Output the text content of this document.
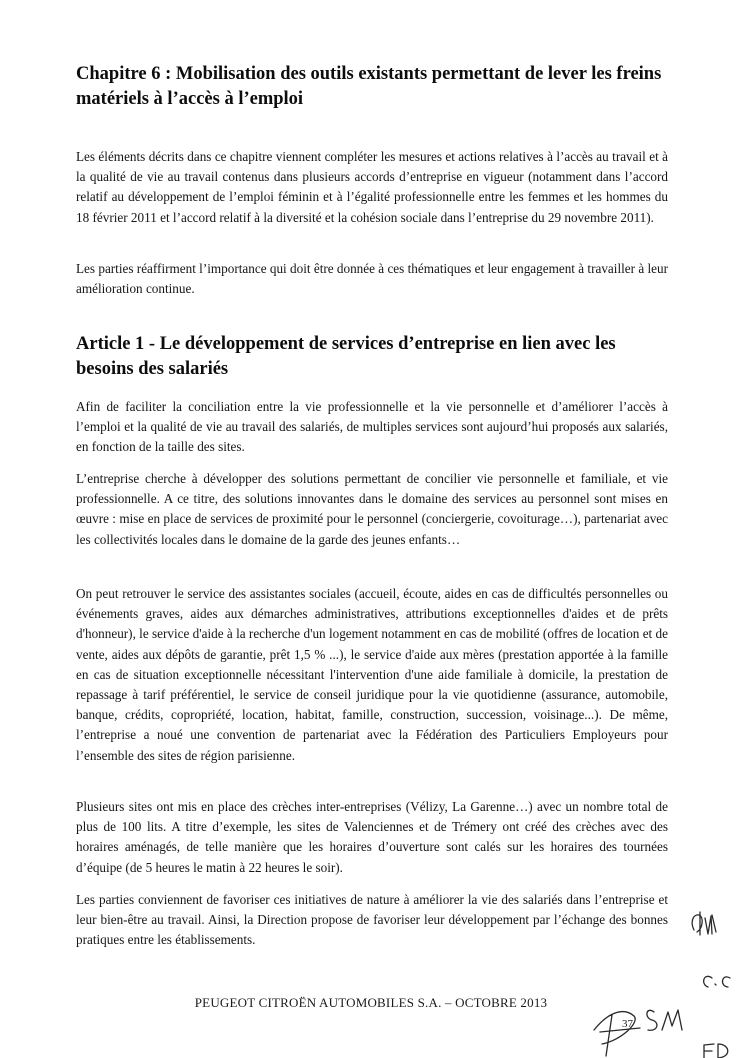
Chapitre 6 : Mobilisation des outils existants permettant de lever les freins matériels à l’accès à l’emploi

Les éléments décrits dans ce chapitre viennent compléter les mesures et actions relatives à l’accès au travail et à la qualité de vie au travail contenus dans plusieurs accords d’entreprise en vigueur (notamment dans l’accord relatif au développement de l’emploi féminin et à l’égalité professionnelle entre les femmes et les hommes du 18 février 2011 et l’accord relatif à la diversité et la cohésion sociale dans l’entreprise du 29 novembre 2011).

Les parties réaffirment l’importance qui doit être donnée à ces thématiques et leur engagement à travailler à leur amélioration continue.

Article 1 - Le développement de services d’entreprise en lien avec les besoins des salariés

Afin de faciliter la conciliation entre la vie professionnelle et la vie personnelle et d’améliorer l’accès à l’emploi et la qualité de vie au travail des salariés, de multiples services sont aujourd’hui proposés aux salariés, en fonction de la taille des sites.

L’entreprise cherche à développer des solutions permettant de concilier vie personnelle et familiale, et vie professionnelle. A ce titre, des solutions innovantes dans le domaine des services au personnel sont mises en œuvre : mise en place de services de proximité pour le personnel (conciergerie, covoiturage…), partenariat avec les collectivités locales dans le domaine de la garde des jeunes enfants…

On peut retrouver le service des assistantes sociales (accueil, écoute, aides en cas de difficultés personnelles ou événements graves, aides aux démarches administratives, attributions exceptionnelles d'aides et de prêts d'honneur), le service d'aide à la recherche d'un logement notamment en cas de mobilité (offres de location et de vente, aides aux dépôts de garantie, prêt 1,5 % ...), le service d'aide aux mères (prestation apportée à la famille en cas de situation exceptionnelle nécessitant l'intervention d'une aide familiale à domicile, la prestation de repassage à tarif préférentiel, le service de conseil juridique pour la vie quotidienne (assurance, automobile, banque, crédits, copropriété, location, habitat, famille, construction, succession, voisinage...). De même, l’entreprise a noué une convention de partenariat avec la Fédération des Particuliers Employeurs pour l’ensemble des sites de région parisienne.

Plusieurs sites ont mis en place des crèches inter-entreprises (Vélizy, La Garenne…) avec un nombre total de plus de 100 lits. A titre d’exemple, les sites de Valenciennes et de Trémery ont créé des crèches avec des horaires aménagés, de telle manière que les horaires d’ouverture sont calés sur les horaires des tournées d’équipe (de 5 heures le matin à 22 heures le soir).

Les parties conviennent de favoriser ces initiatives de nature à améliorer la vie des salariés dans l’entreprise et leur bien-être au travail. Ainsi, la Direction propose de favoriser leur développement par l’échange des bonnes pratiques entre les établissements.

PEUGEOT CITROËN AUTOMOBILES S.A. – OCTOBRE 2013
37
